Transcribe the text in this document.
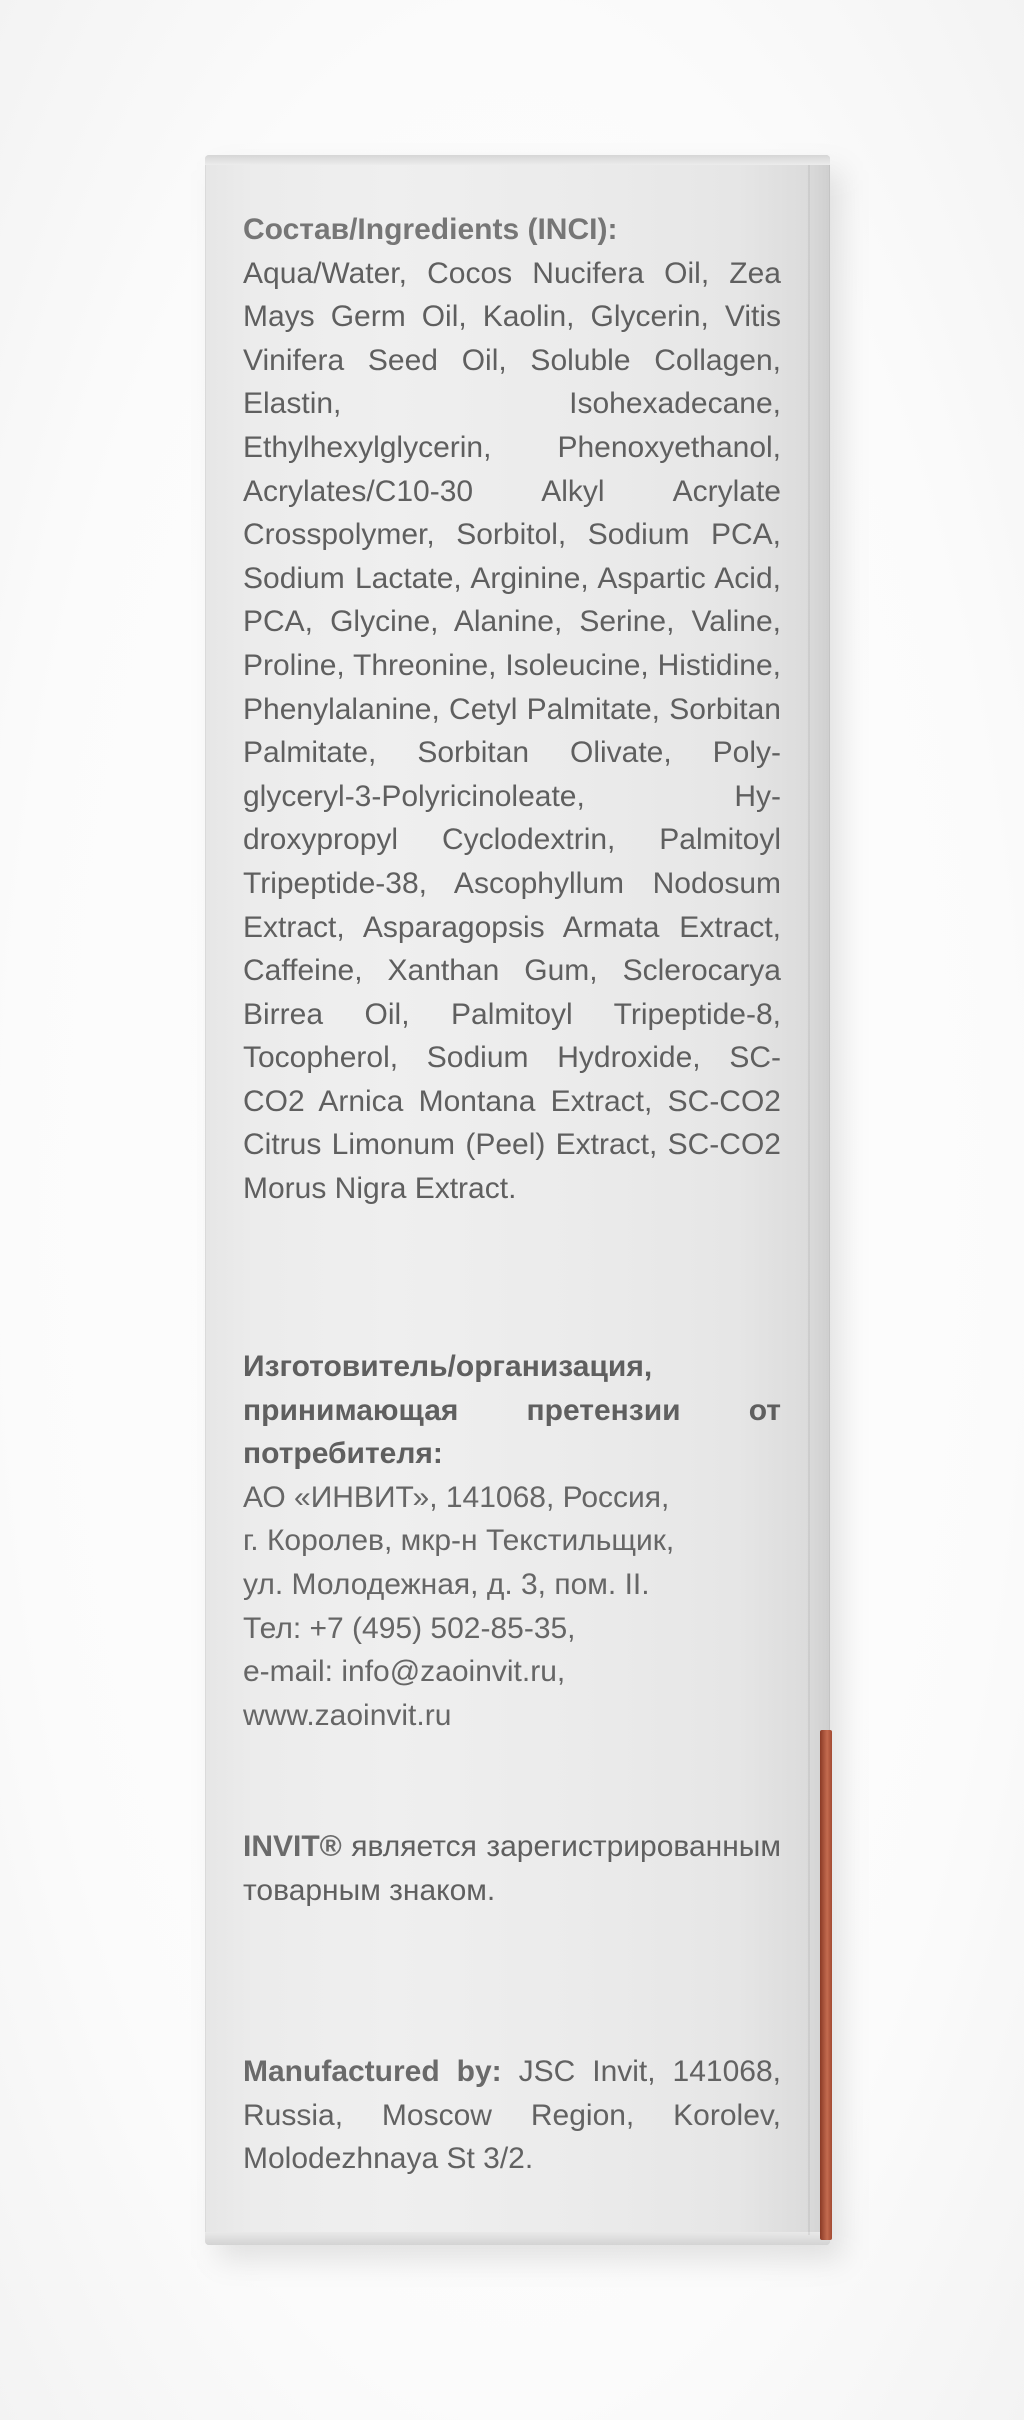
Состав/Ingredients (INCI):
Aqua/Water, Cocos Nucifera Oil, Zea Mays Germ Oil, Kaolin, Glycerin, Vitis Vinifera Seed Oil, Soluble Collagen, Elastin, Isohexadecane, Ethylhexylglycerin, Phenoxyethanol, Acrylates/C10-30 Alkyl Acrylate Crosspolymer, Sorbitol, Sodium PCA, Sodium Lactate, Arginine, Aspartic Acid, PCA, Glycine, Alanine, Serine, Valine, Proline, Threonine, Isoleucine, Histidine, Phenylalanine, Cetyl Palmitate, Sorbitan Palmitate, Sorbitan Olivate, Polyglyceryl-3-Polyricinoleate, Hydroxypropyl Cyclodextrin, Palmitoyl Tripeptide-38, Ascophyllum Nodosum Extract, Asparagopsis Armata Extract, Caffeine, Xanthan Gum, Sclerocarya Birrea Oil, Palmitoyl Tripeptide-8, Tocopherol, Sodium Hydroxide, SC-CO2 Arnica Montana Extract, SC-CO2 Citrus Limonum (Peel) Extract, SC-CO2 Morus Nigra Extract.
Изготовитель/организация, принимающая претензии от потребителя:
АО «ИНВИТ», 141068, Россия,
г. Королев, мкр-н Текстильщик,
ул. Молодежная, д. 3, пом. II.
Тел: +7 (495) 502-85-35,
e-mail: info@zaoinvit.ru,
www.zaoinvit.ru
INVIT® является зарегистрированным товарным знаком.
Manufactured by: JSC Invit, 141068, Russia, Moscow Region, Korolev, Molodezhnaya St 3/2.
